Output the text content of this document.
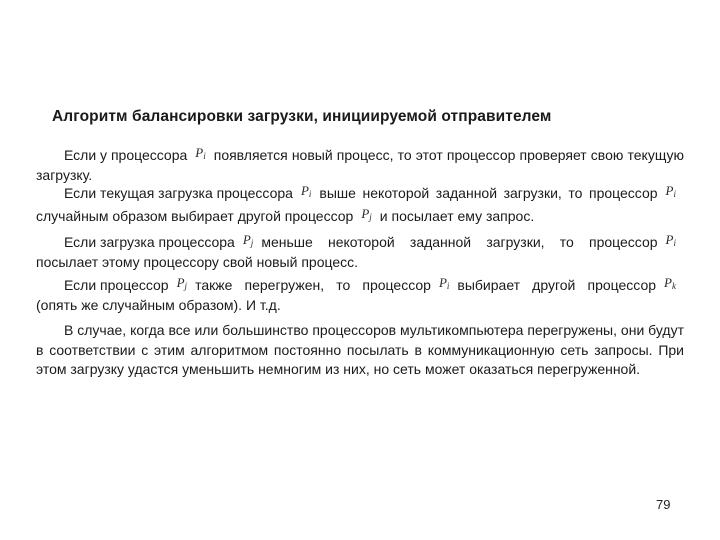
Алгоритм балансировки загрузки, инициируемой отправителем
Если у процессора $P_i$ появляется новый процесс, то этот процессор проверяет свою текущую загрузку.
Если текущая загрузка процессора $P_i$ выше некоторой заданной загрузки, то процессор $P_iслучайным$ образом выбирает другой процессор $P_j$ и посылает ему запрос.
Если загрузка процессора $P_j$ меньше некоторой заданной загрузки, то процессор $P_iпосылает$ этому процессору свой новый процесс.
Если процессор $P_j$ также перегружен, то процессор $P_i$ выбирает другой процессор $P_k(опять$ же случайным образом). И т.д.
В случае, когда все или большинство процессоров мультикомпьютера перегружены, они будут в соответствии с этим алгоритмом постоянно посылать в коммуникационную сеть запросы. При этом загрузку удастся уменьшить немногим из них, но сеть может оказаться перегруженной.
79
